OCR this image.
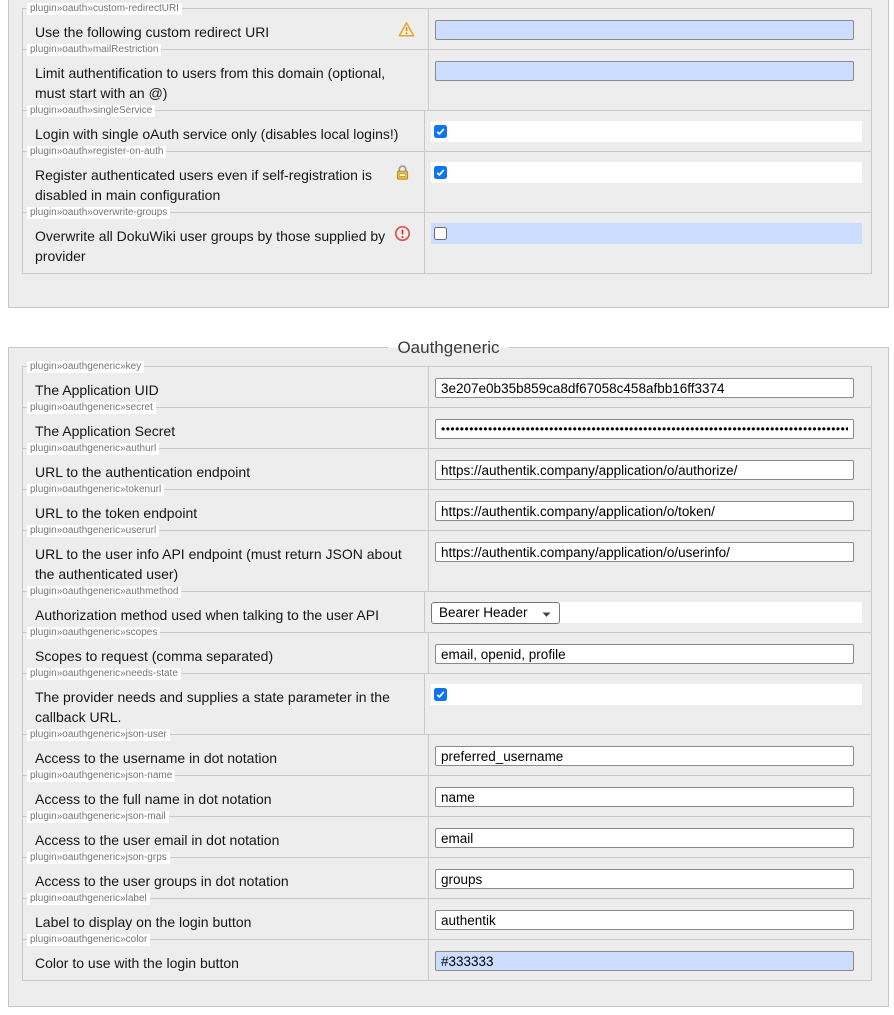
plugin»oauth»custom-redirectURI
Use the following custom redirect URI
plugin»oauth»mailRestriction
Limit authentification to users from this domain (optional, must start with an @)
plugin»oauth»singleService
Login with single oAuth service only (disables local logins!)
plugin»oauth»register-on-auth
Register authenticated users even if self-registration is disabled in main configuration
plugin»oauth»overwrite-groups
Overwrite all DokuWiki user groups by those supplied by provider
Oauthgeneric
plugin»oauthgeneric»key
The Application UID
3e207e0b35b859ca8df67058c458afbb16ff3374
plugin»oauthgeneric»secret
The Application Secret
•••••••••••••••••••••••••••••••••••••••••••••••••••••••••••••••••••••••••••••••••••••••••••••••
plugin»oauthgeneric»authurl
URL to the authentication endpoint
https://authentik.company/application/o/authorize/
plugin»oauthgeneric»tokenurl
URL to the token endpoint
https://authentik.company/application/o/token/
plugin»oauthgeneric»userurl
URL to the user info API endpoint (must return JSON about the authenticated user)
https://authentik.company/application/o/userinfo/
plugin»oauthgeneric»authmethod
Authorization method used when talking to the user API	Bearer Header
plugin»oauthgeneric»scopes
Scopes to request (comma separated)
email, openid, profile
plugin»oauthgeneric»needs-state
The provider needs and supplies a state parameter in the callback URL.
plugin»oauthgeneric»json-user
Access to the username in dot notation
preferred_username
plugin»oauthgeneric»json-name
Access to the full name in dot notation
name
plugin»oauthgeneric»json-mail
Access to the user email in dot notation
email
plugin»oauthgeneric»json-grps
Access to the user groups in dot notation
groups
plugin»oauthgeneric»label
Label to display on the login button
authentik
plugin»oauthgeneric»color
Color to use with the login button
#333333
